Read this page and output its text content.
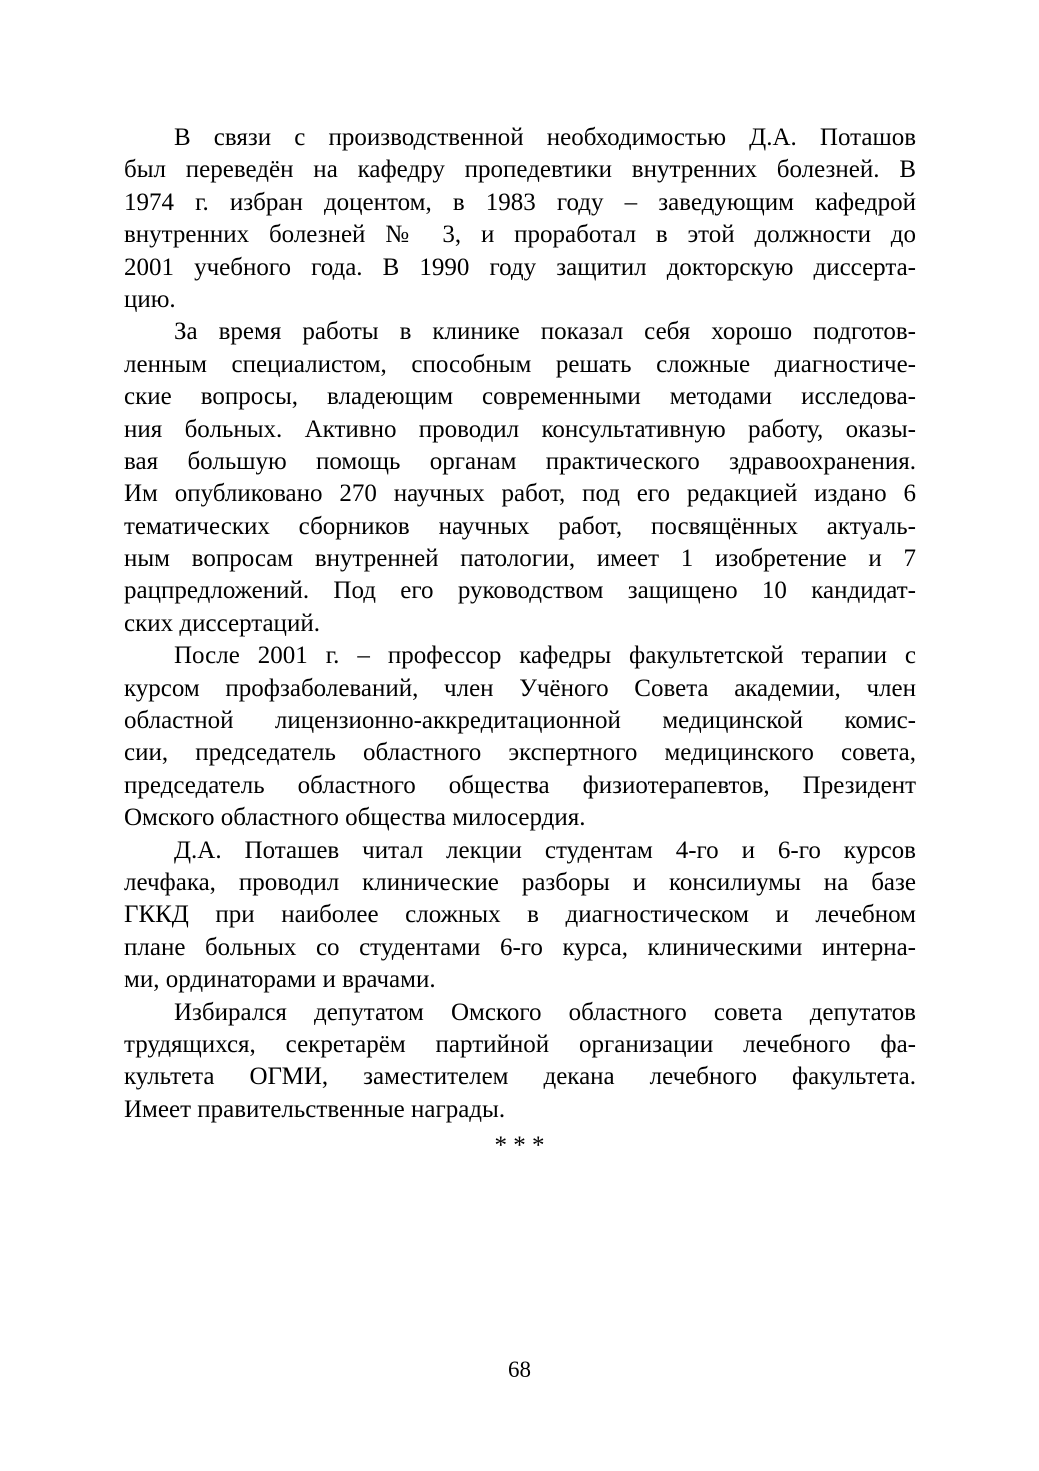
В связи с производственной необходимостью Д.А. Поташов
был переведён на кафедру пропедевтики внутренних болезней. В
1974 г. избран доцентом, в 1983 году – заведующим кафедрой
внутренних болезней № 3, и проработал в этой должности до
2001 учебного года. В 1990 году защитил докторскую диссерта-
цию.
За время работы в клинике показал себя хорошо подготов-
ленным специалистом, способным решать сложные диагностиче-
ские вопросы, владеющим современными методами исследова-
ния больных. Активно проводил консультативную работу, оказы-
вая большую помощь органам практического здравоохранения.
Им опубликовано 270 научных работ, под его редакцией издано 6
тематических сборников научных работ, посвящённых актуаль-
ным вопросам внутренней патологии, имеет 1 изобретение и 7
рацпредложений. Под его руководством защищено 10 кандидат-
ских диссертаций.
После 2001 г. – профессор кафедры факультетской терапии с
курсом профзаболеваний, член Учёного Совета академии, член
областной лицензионно-аккредитационной медицинской комис-
сии, председатель областного экспертного медицинского совета,
председатель областного общества физиотерапевтов, Президент
Омского областного общества милосердия.
Д.А. Поташев читал лекции студентам 4-го и 6-го курсов
лечфака, проводил клинические разборы и консилиумы на базе
ГККД при наиболее сложных в диагностическом и лечебном
плане больных со студентами 6-го курса, клиническими интерна-
ми, ординаторами и врачами.
Избирался депутатом Омского областного совета депутатов
трудящихся, секретарём партийной организации лечебного фа-
культета ОГМИ, заместителем декана лечебного факультета.
Имеет правительственные награды.
* * *
68
